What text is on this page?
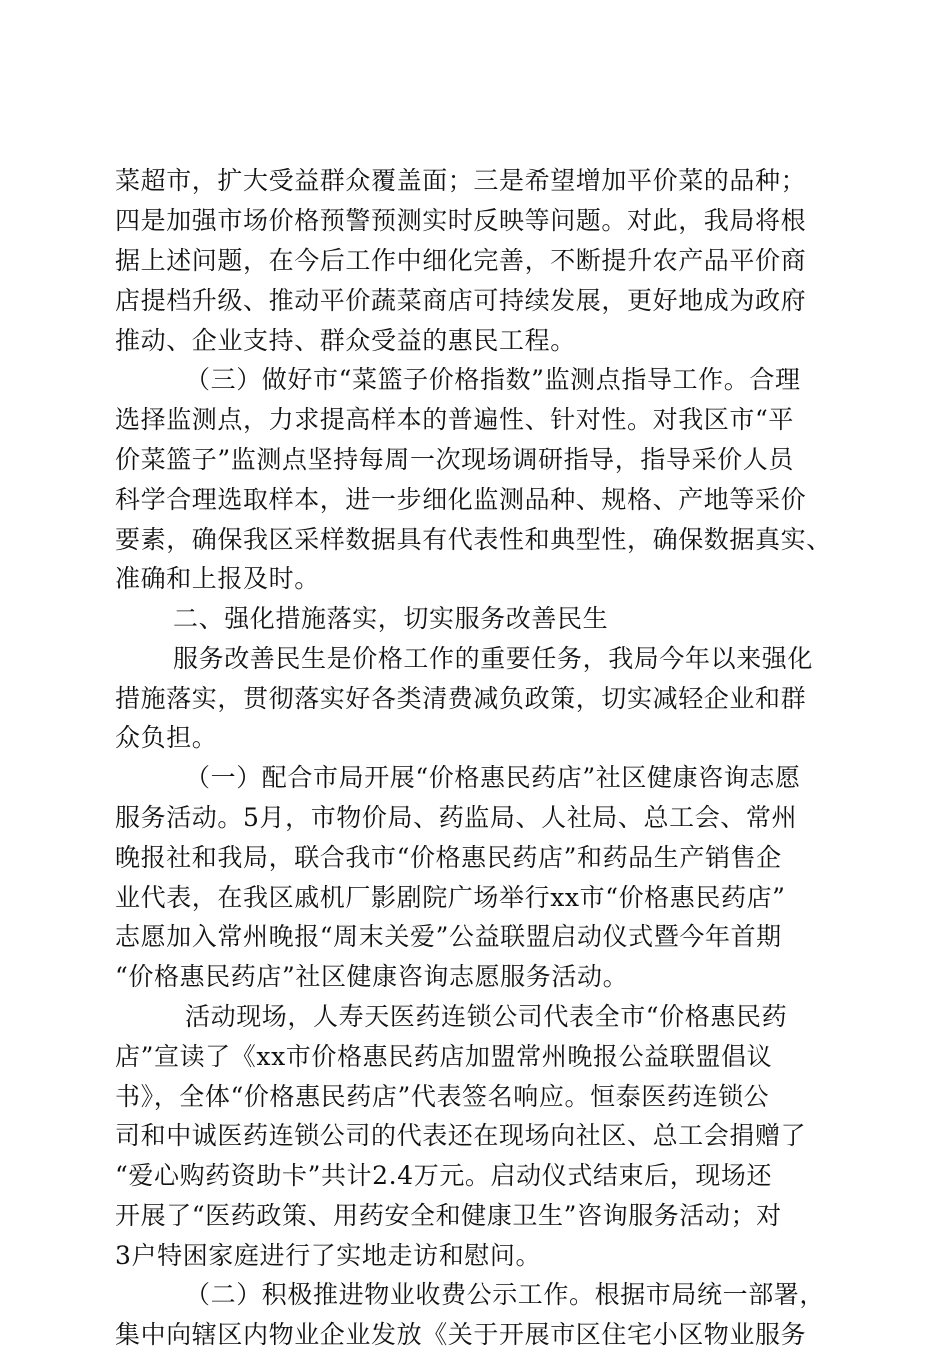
菜超市，扩大受益群众覆盖面；三是希望增加平价菜的品种；
四是加强市场价格预警预测实时反映等问题。对此，我局将根
据上述问题，在今后工作中细化完善，不断提升农产品平价商
店提档升级、推动平价蔬菜商店可持续发展，更好地成为政府
推动、企业支持、群众受益的惠民工程。
（三）做好市“菜篮子价格指数”监测点指导工作。合理
选择监测点，力求提高样本的普遍性、针对性。对我区市“平
价菜篮子”监测点坚持每周一次现场调研指导，指导采价人员
科学合理选取样本，进一步细化监测品种、规格、产地等采价
要素，确保我区采样数据具有代表性和典型性，确保数据真实、
准确和上报及时。
二、强化措施落实，切实服务改善民生
服务改善民生是价格工作的重要任务，我局今年以来强化
措施落实，贯彻落实好各类清费减负政策，切实减轻企业和群
众负担。
（一）配合市局开展“价格惠民药店”社区健康咨询志愿
服务活动。5月，市物价局、药监局、人社局、总工会、常州
晚报社和我局，联合我市“价格惠民药店”和药品生产销售企
业代表，在我区戚机厂影剧院广场举行xx市“价格惠民药店”
志愿加入常州晚报“周末关爱”公益联盟启动仪式暨今年首期
“价格惠民药店”社区健康咨询志愿服务活动。
活动现场，人寿天医药连锁公司代表全市“价格惠民药
店”宣读了《xx市价格惠民药店加盟常州晚报公益联盟倡议
书》，全体“价格惠民药店”代表签名响应。恒泰医药连锁公
司和中诚医药连锁公司的代表还在现场向社区、总工会捐赠了
“爱心购药资助卡”共计2.4万元。启动仪式结束后，现场还
开展了“医药政策、用药安全和健康卫生”咨询服务活动；对
3户特困家庭进行了实地走访和慰问。
（二）积极推进物业收费公示工作。根据市局统一部署，
集中向辖区内物业企业发放《关于开展市区住宅小区物业服务
